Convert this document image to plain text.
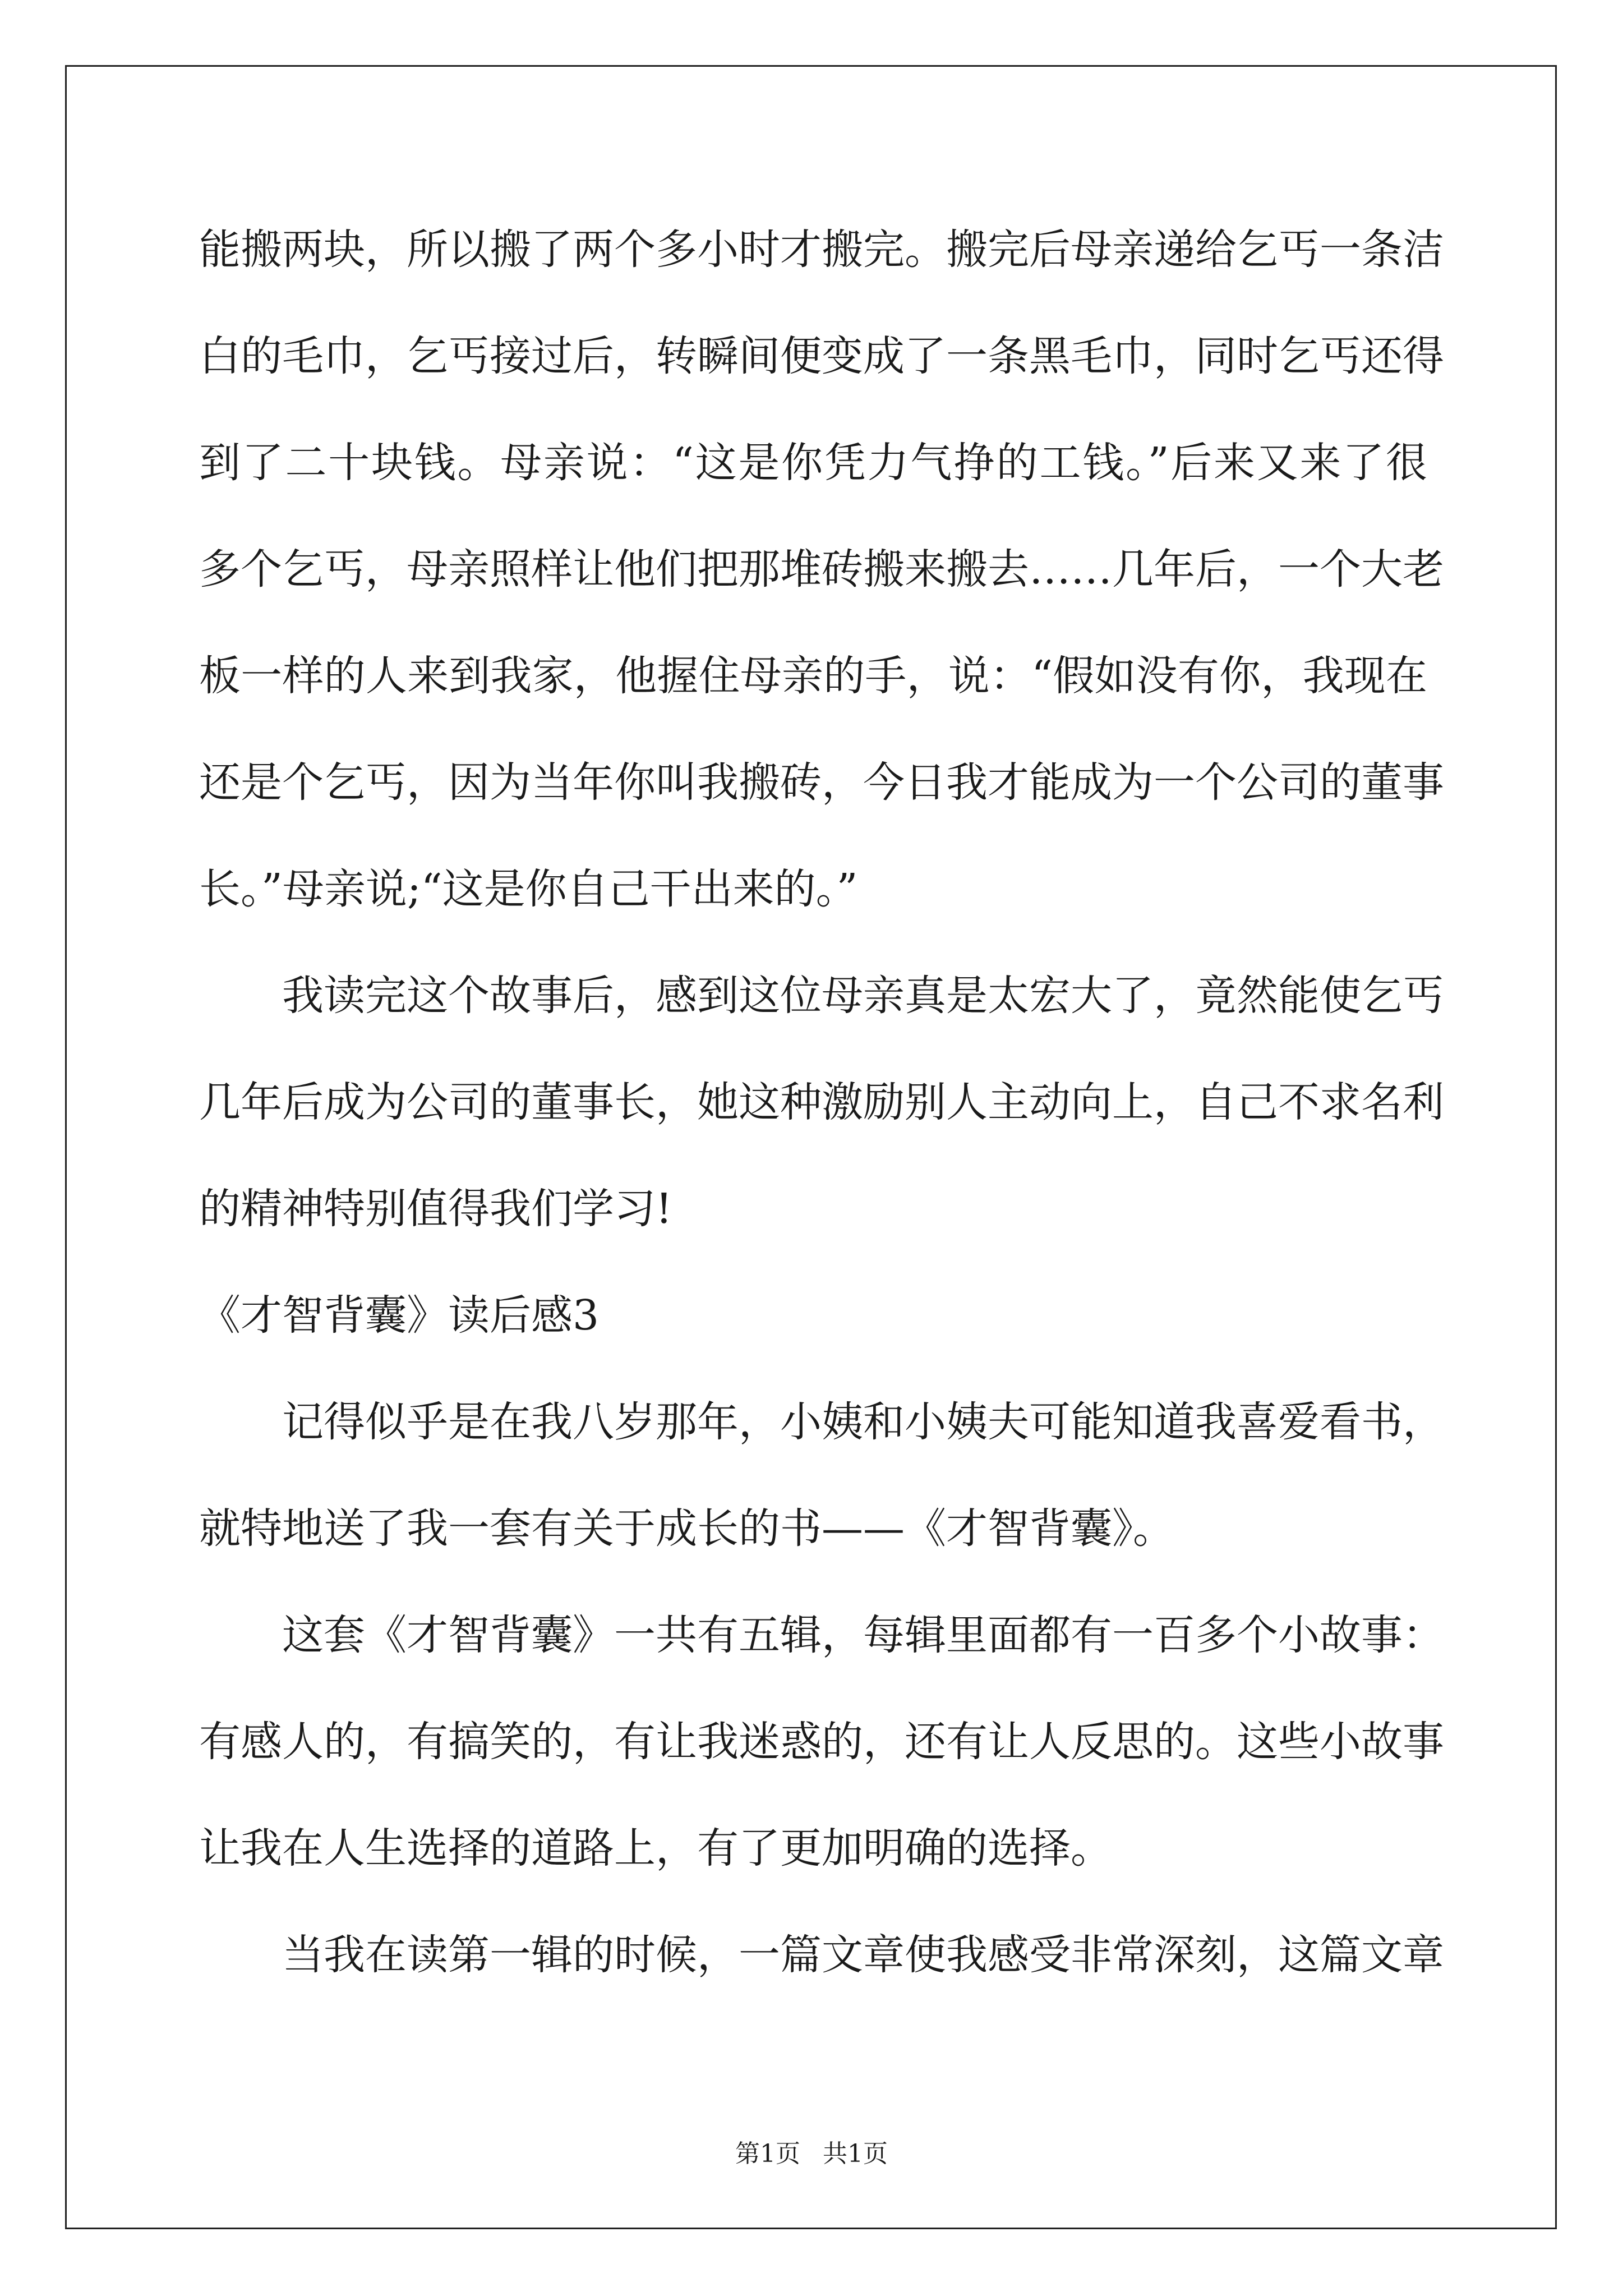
能搬两块，所以搬了两个多小时才搬完。搬完后母亲递给乞丐一条洁
白的毛巾，乞丐接过后，转瞬间便变成了一条黑毛巾，同时乞丐还得
到了二十块钱。母亲说：“这是你凭力气挣的工钱。”后来又来了很
多个乞丐，母亲照样让他们把那堆砖搬来搬去……几年后，一个大老
板一样的人来到我家，他握住母亲的手，说：“假如没有你，我现在
还是个乞丐，因为当年你叫我搬砖，今日我才能成为一个公司的董事
长。”母亲说;“这是你自己干出来的。”
我读完这个故事后，感到这位母亲真是太宏大了，竟然能使乞丐
几年后成为公司的董事长，她这种激励别人主动向上，自己不求名利
的精神特别值得我们学习!
《才智背囊》读后感3
记得似乎是在我八岁那年，小姨和小姨夫可能知道我喜爱看书，
就特地送了我一套有关于成长的书——《才智背囊》。
这套《才智背囊》一共有五辑，每辑里面都有一百多个小故事：
有感人的，有搞笑的，有让我迷惑的，还有让人反思的。这些小故事
让我在人生选择的道路上，有了更加明确的选择。
当我在读第一辑的时候，一篇文章使我感受非常深刻，这篇文章
第1页 共1页
